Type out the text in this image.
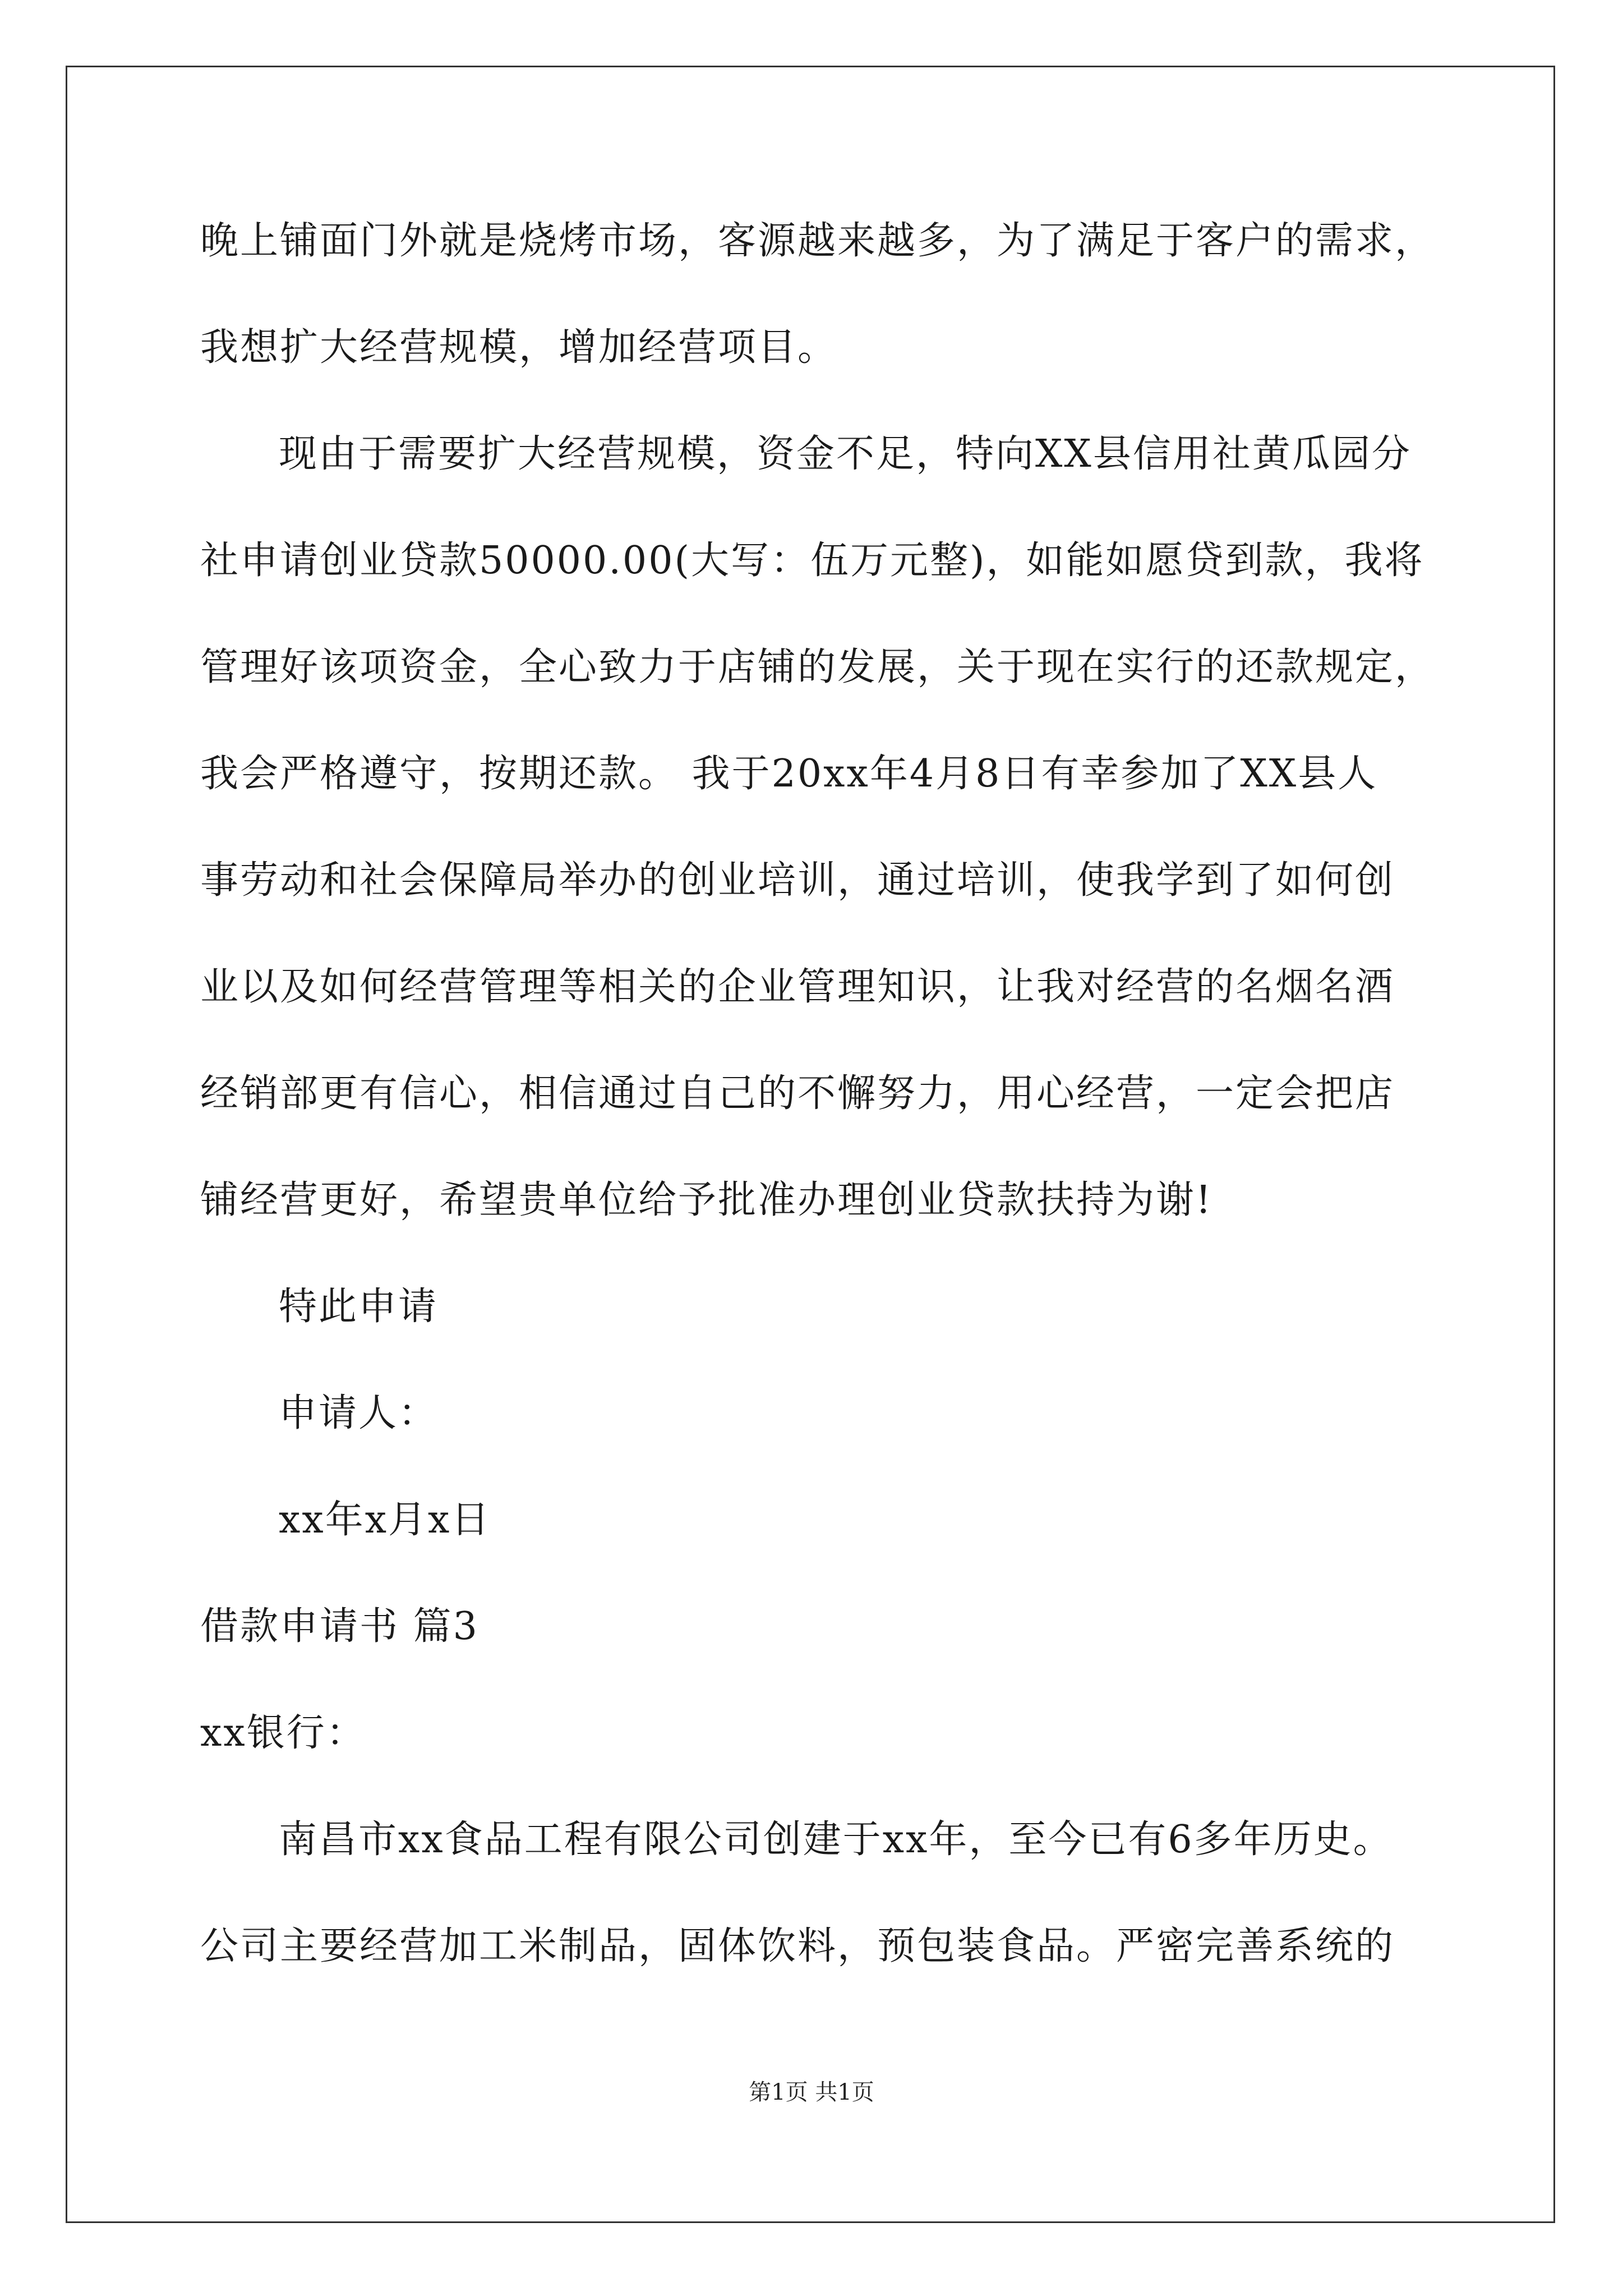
晚上铺面门外就是烧烤市场，客源越来越多，为了满足于客户的需求，
我想扩大经营规模，增加经营项目。
现由于需要扩大经营规模，资金不足，特向XX县信用社黄瓜园分
社申请创业贷款50000.00(大写：伍万元整)，如能如愿贷到款，我将
管理好该项资金，全心致力于店铺的发展，关于现在实行的还款规定，
我会严格遵守，按期还款。 我于20xx年4月8日有幸参加了XX县人
事劳动和社会保障局举办的创业培训，通过培训，使我学到了如何创
业以及如何经营管理等相关的企业管理知识，让我对经营的名烟名酒
经销部更有信心，相信通过自己的不懈努力，用心经营，一定会把店
铺经营更好，希望贵单位给予批准办理创业贷款扶持为谢!
特此申请
申请人：
xx年x月x日
借款申请书 篇3
xx银行：
南昌市xx食品工程有限公司创建于xx年，至今已有6多年历史。
公司主要经营加工米制品，固体饮料，预包装食品。严密完善系统的
第1页 共1页
